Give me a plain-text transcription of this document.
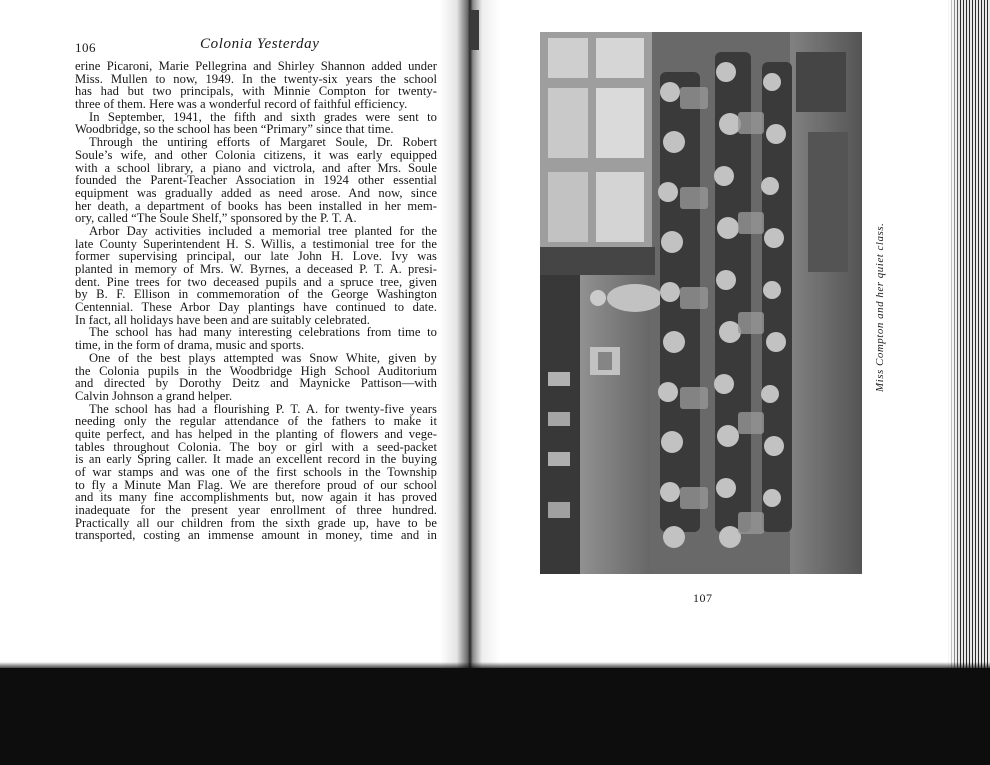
106	Colonia Yesterday
erine Picaroni, Marie Pellegrina and Shirley Shannon added under
Miss. Mullen to now, 1949. In the twenty-six years the school
has had but two principals, with Minnie Compton for twenty-
three of them. Here was a wonderful record of faithful efficiency.
In September, 1941, the fifth and sixth grades were sent to
Woodbridge, so the school has been “Primary” since that time.
Through the untiring efforts of Margaret Soule, Dr. Robert
Soule’s wife, and other Colonia citizens, it was early equipped
with a school library, a piano and victrola, and after Mrs. Soule
founded the Parent-Teacher Association in 1924 other essential
equipment was gradually added as need arose. And now, since
her death, a department of books has been installed in her mem-
ory, called “The Soule Shelf,” sponsored by the P. T. A.
Arbor Day activities included a memorial tree planted for the
late County Superintendent H. S. Willis, a testimonial tree for the
former supervising principal, our late John H. Love. Ivy was
planted in memory of Mrs. W. Byrnes, a deceased P. T. A. presi-
dent. Pine trees for two deceased pupils and a spruce tree, given
by B. F. Ellison in commemoration of the George Washington
Centennial. These Arbor Day plantings have continued to date.
In fact, all holidays have been and are suitably celebrated.
The school has had many interesting celebrations from time to
time, in the form of drama, music and sports.
One of the best plays attempted was Snow White, given by
the Colonia pupils in the Woodbridge High School Auditorium
and directed by Dorothy Deitz and Maynicke Pattison—with
Calvin Johnson a grand helper.
The school has had a flourishing P. T. A. for twenty-five years
needing only the regular attendance of the fathers to make it
quite perfect, and has helped in the planting of flowers and vege-
tables throughout Colonia. The boy or girl with a seed-packet
is an early Spring caller. It made an excellent record in the buying
of war stamps and was one of the first schools in the Township
to fly a Minute Man Flag. We are therefore proud of our school
and its many fine accomplishments but, now again it has proved
inadequate for the present year enrollment of three hundred.
Practically all our children from the sixth grade up, have to be
transported, costing an immense amount in money, time and in
Miss Compton and her quiet class.
107
